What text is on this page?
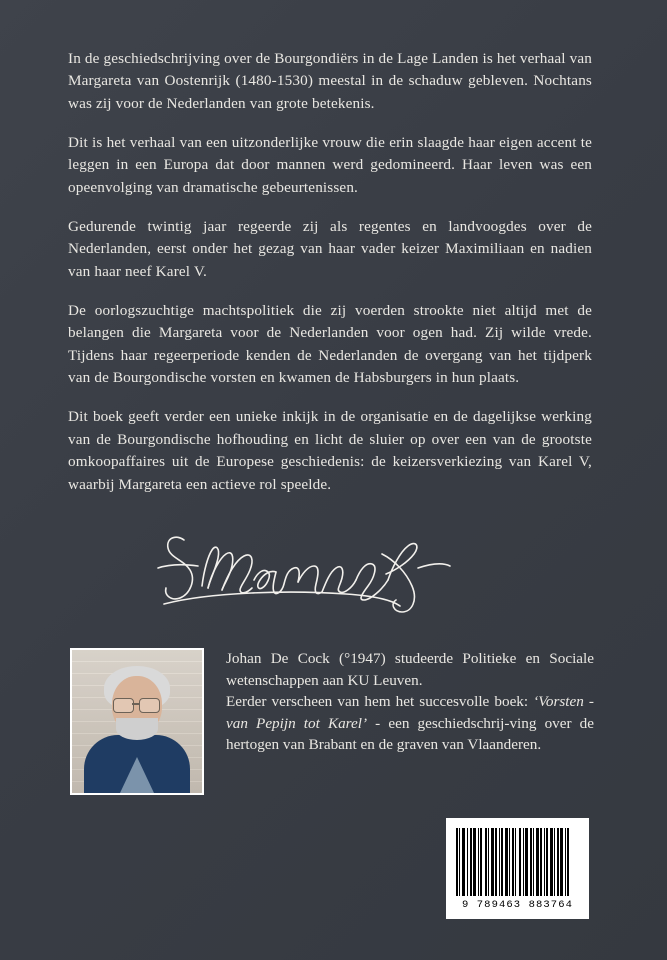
In de geschiedschrijving over de Bourgondiërs in de Lage Landen is het verhaal van Margareta van Oostenrijk (1480-1530) meestal in de schaduw gebleven. Nochtans was zij voor de Nederlanden van grote betekenis.

Dit is het verhaal van een uitzonderlijke vrouw die erin slaagde haar eigen accent te leggen in een Europa dat door mannen werd gedomineerd. Haar leven was een opeenvolging van dramatische gebeurtenissen.

Gedurende twintig jaar regeerde zij als regentes en landvoogdes over de Nederlanden, eerst onder het gezag van haar vader keizer Maximiliaan en nadien van haar neef Karel V.

De oorlogszuchtige machtspolitiek die zij voerden strookte niet altijd met de belangen die Margareta voor de Nederlanden voor ogen had. Zij wilde vrede. Tijdens haar regeerperiode kenden de Nederlanden de overgang van het tijdperk van de Bourgondische vorsten en kwamen de Habsburgers in hun plaats.

Dit boek geeft verder een unieke inkijk in de organisatie en de dagelijkse werking van de Bourgondische hofhouding en licht de sluier op over een van de grootste omkoopaffaires uit de Europese geschiedenis: de keizersverkiezing van Karel V, waarbij Margareta een actieve rol speelde.

Johan De Cock (°1947) studeerde Politieke en Sociale wetenschappen aan KU Leuven.

Eerder verscheen van hem het succesvolle boek: ‘Vorsten - van Pepijn tot Karel’ - een geschiedschrij-ving over de hertogen van Brabant en de graven van Vlaanderen.

9 789463 883764
